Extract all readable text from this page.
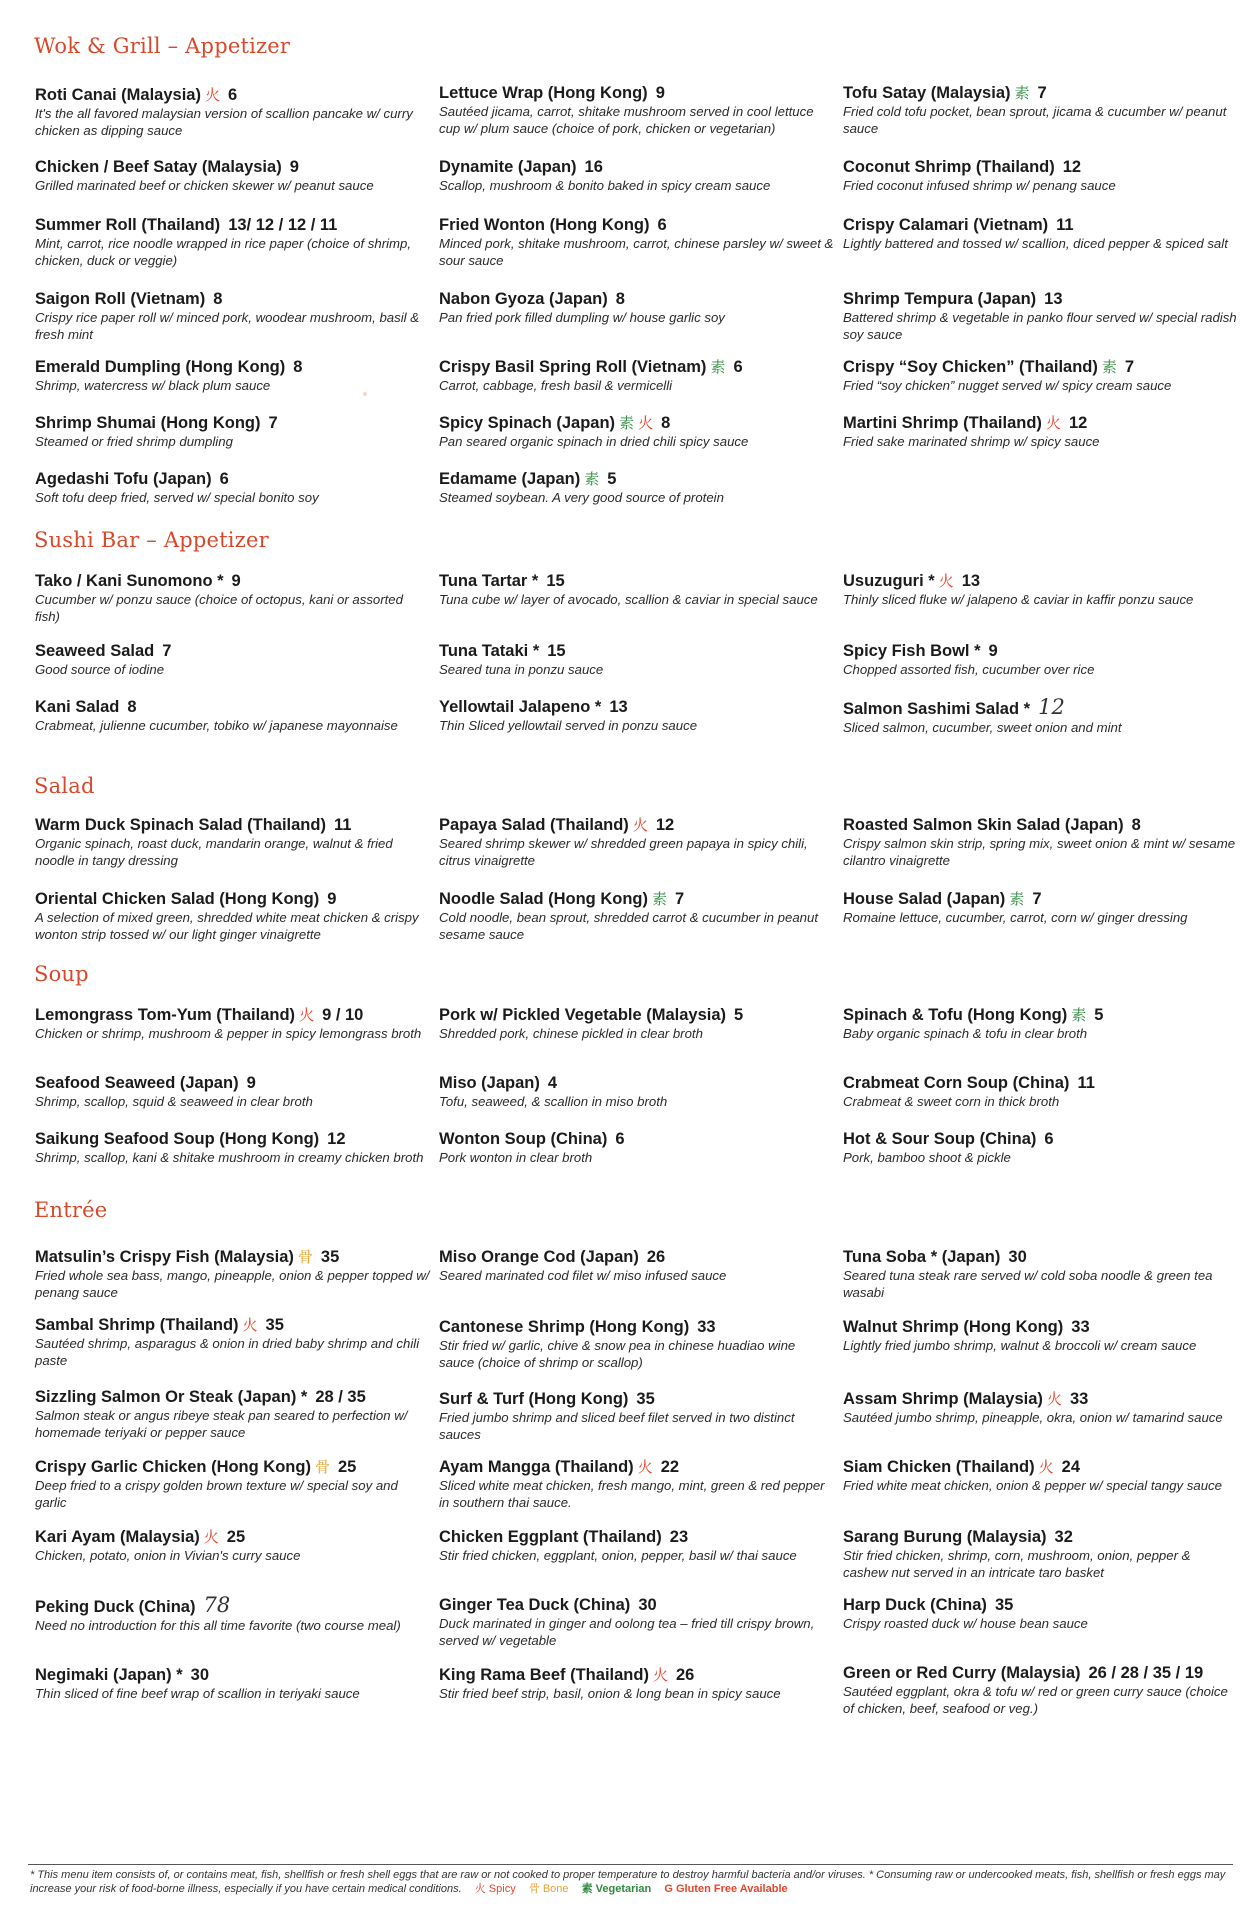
Wok & Grill – Appetizer
Sushi Bar – Appetizer
Salad
Soup
Entrée
Roti Canai (Malaysia) 火 6
It's the all favored malaysian version of scallion pancake w/ curry chicken as dipping sauce
Chicken / Beef Satay (Malaysia) 9
Grilled marinated beef or chicken skewer w/ peanut sauce
Summer Roll (Thailand) 13/ 12 / 12 / 11
Mint, carrot, rice noodle wrapped in rice paper (choice of shrimp, chicken, duck or veggie)
Saigon Roll (Vietnam) 8
Crispy rice paper roll w/ minced pork, woodear mushroom, basil & fresh mint
Emerald Dumpling (Hong Kong) 8
Shrimp, watercress w/ black plum sauce
Shrimp Shumai (Hong Kong) 7
Steamed or fried shrimp dumpling
Agedashi Tofu (Japan) 6
Soft tofu deep fried, served w/ special bonito soy
Lettuce Wrap (Hong Kong) 9
Sautéed jicama, carrot, shitake mushroom served in cool lettuce cup w/ plum sauce (choice of pork, chicken or vegetarian)
Dynamite (Japan) 16
Scallop, mushroom & bonito baked in spicy cream sauce
Fried Wonton (Hong Kong) 6
Minced pork, shitake mushroom, carrot, chinese parsley w/ sweet & sour sauce
Nabon Gyoza (Japan) 8
Pan fried pork filled dumpling w/ house garlic soy
Crispy Basil Spring Roll (Vietnam) 素 6
Carrot, cabbage, fresh basil & vermicelli
Spicy Spinach (Japan) 素 火 8
Pan seared organic spinach in dried chili spicy sauce
Edamame (Japan) 素 5
Steamed soybean. A very good source of protein
Tofu Satay (Malaysia) 素 7
Fried cold tofu pocket, bean sprout, jicama & cucumber w/ peanut sauce
Coconut Shrimp (Thailand) 12
Fried coconut infused shrimp w/ penang sauce
Crispy Calamari (Vietnam) 11
Lightly battered and tossed w/ scallion, diced pepper & spiced salt
Shrimp Tempura (Japan) 13
Battered shrimp & vegetable in panko flour served w/ special radish soy sauce
Crispy “Soy Chicken” (Thailand) 素 7
Fried “soy chicken” nugget served w/ spicy cream sauce
Martini Shrimp (Thailand) 火 12
Fried sake marinated shrimp w/ spicy sauce
Tako / Kani Sunomono * 9
Cucumber w/ ponzu sauce (choice of octopus, kani or assorted fish)
Seaweed Salad 7
Good source of iodine
Kani Salad 8
Crabmeat, julienne cucumber, tobiko w/ japanese mayonnaise
Tuna Tartar * 15
Tuna cube w/ layer of avocado, scallion & caviar in special sauce
Tuna Tataki * 15
Seared tuna in ponzu sauce
Yellowtail Jalapeno * 13
Thin Sliced yellowtail served in ponzu sauce
Usuzuguri * 火 13
Thinly sliced fluke w/ jalapeno & caviar in kaffir ponzu sauce
Spicy Fish Bowl * 9
Chopped assorted fish, cucumber over rice
Salmon Sashimi Salad * 12
Sliced salmon, cucumber, sweet onion and mint
Warm Duck Spinach Salad (Thailand) 11
Organic spinach, roast duck, mandarin orange, walnut & fried noodle in tangy dressing
Oriental Chicken Salad (Hong Kong) 9
A selection of mixed green, shredded white meat chicken & crispy wonton strip tossed w/ our light ginger vinaigrette
Papaya Salad (Thailand) 火 12
Seared shrimp skewer w/ shredded green papaya in spicy chili, citrus vinaigrette
Noodle Salad (Hong Kong) 素 7
Cold noodle, bean sprout, shredded carrot & cucumber in peanut sesame sauce
Roasted Salmon Skin Salad (Japan) 8
Crispy salmon skin strip, spring mix, sweet onion & mint w/ sesame cilantro vinaigrette
House Salad (Japan) 素 7
Romaine lettuce, cucumber, carrot, corn w/ ginger dressing
Lemongrass Tom-Yum (Thailand) 火 9 / 10
Chicken or shrimp, mushroom & pepper in spicy lemongrass broth
Seafood Seaweed (Japan) 9
Shrimp, scallop, squid & seaweed in clear broth
Saikung Seafood Soup (Hong Kong) 12
Shrimp, scallop, kani & shitake mushroom in creamy chicken broth
Pork w/ Pickled Vegetable (Malaysia) 5
Shredded pork, chinese pickled in clear broth
Miso (Japan) 4
Tofu, seaweed, & scallion in miso broth
Wonton Soup (China) 6
Pork wonton in clear broth
Spinach & Tofu (Hong Kong) 素 5
Baby organic spinach & tofu in clear broth
Crabmeat Corn Soup (China) 11
Crabmeat & sweet corn in thick broth
Hot & Sour Soup (China) 6
Pork, bamboo shoot & pickle
Matsulin’s Crispy Fish (Malaysia) 骨 35
Fried whole sea bass, mango, pineapple, onion & pepper topped w/ penang sauce
Sambal Shrimp (Thailand) 火 35
Sautéed shrimp, asparagus & onion in dried baby shrimp and chili paste
Sizzling Salmon Or Steak (Japan) * 28 / 35
Salmon steak or angus ribeye steak pan seared to perfection w/ homemade teriyaki or pepper sauce
Crispy Garlic Chicken (Hong Kong) 骨 25
Deep fried to a crispy golden brown texture w/ special soy and garlic
Kari Ayam (Malaysia) 火 25
Chicken, potato, onion in Vivian's curry sauce
Peking Duck (China) 78
Need no introduction for this all time favorite (two course meal)
Negimaki (Japan) * 30
Thin sliced of fine beef wrap of scallion in teriyaki sauce
Miso Orange Cod (Japan) 26
Seared marinated cod filet w/ miso infused sauce
Cantonese Shrimp (Hong Kong) 33
Stir fried w/ garlic, chive & snow pea in chinese huadiao wine sauce (choice of shrimp or scallop)
Surf & Turf (Hong Kong) 35
Fried jumbo shrimp and sliced beef filet served in two distinct sauces
Ayam Mangga (Thailand) 火 22
Sliced white meat chicken, fresh mango, mint, green & red pepper in southern thai sauce.
Chicken Eggplant (Thailand) 23
Stir fried chicken, eggplant, onion, pepper, basil w/ thai sauce
Ginger Tea Duck (China) 30
Duck marinated in ginger and oolong tea – fried till crispy brown, served w/ vegetable
King Rama Beef (Thailand) 火 26
Stir fried beef strip, basil, onion & long bean in spicy sauce
Tuna Soba * (Japan) 30
Seared tuna steak rare served w/ cold soba noodle & green tea wasabi
Walnut Shrimp (Hong Kong) 33
Lightly fried jumbo shrimp, walnut & broccoli w/ cream sauce
Assam Shrimp (Malaysia) 火 33
Sautéed jumbo shrimp, pineapple, okra, onion w/ tamarind sauce
Siam Chicken (Thailand) 火 24
Fried white meat chicken, onion & pepper w/ special tangy sauce
Sarang Burung (Malaysia) 32
Stir fried chicken, shrimp, corn, mushroom, onion, pepper & cashew nut served in an intricate taro basket
Harp Duck (China) 35
Crispy roasted duck w/ house bean sauce
Green or Red Curry (Malaysia) 26 / 28 / 35 / 19
Sautéed eggplant, okra & tofu w/ red or green curry sauce (choice of chicken, beef, seafood or veg.)
* This menu item consists of, or contains meat, fish, shellfish or fresh shell eggs that are raw or not cooked to proper temperature to destroy harmful bacteria and/or viruses. * Consuming raw or undercooked meats, fish, shellfish or fresh eggs may increase your risk of food-borne illness, especially if you have certain medical conditions. 火 Spicy 骨 Bone 素 Vegetarian G Gluten Free Available
